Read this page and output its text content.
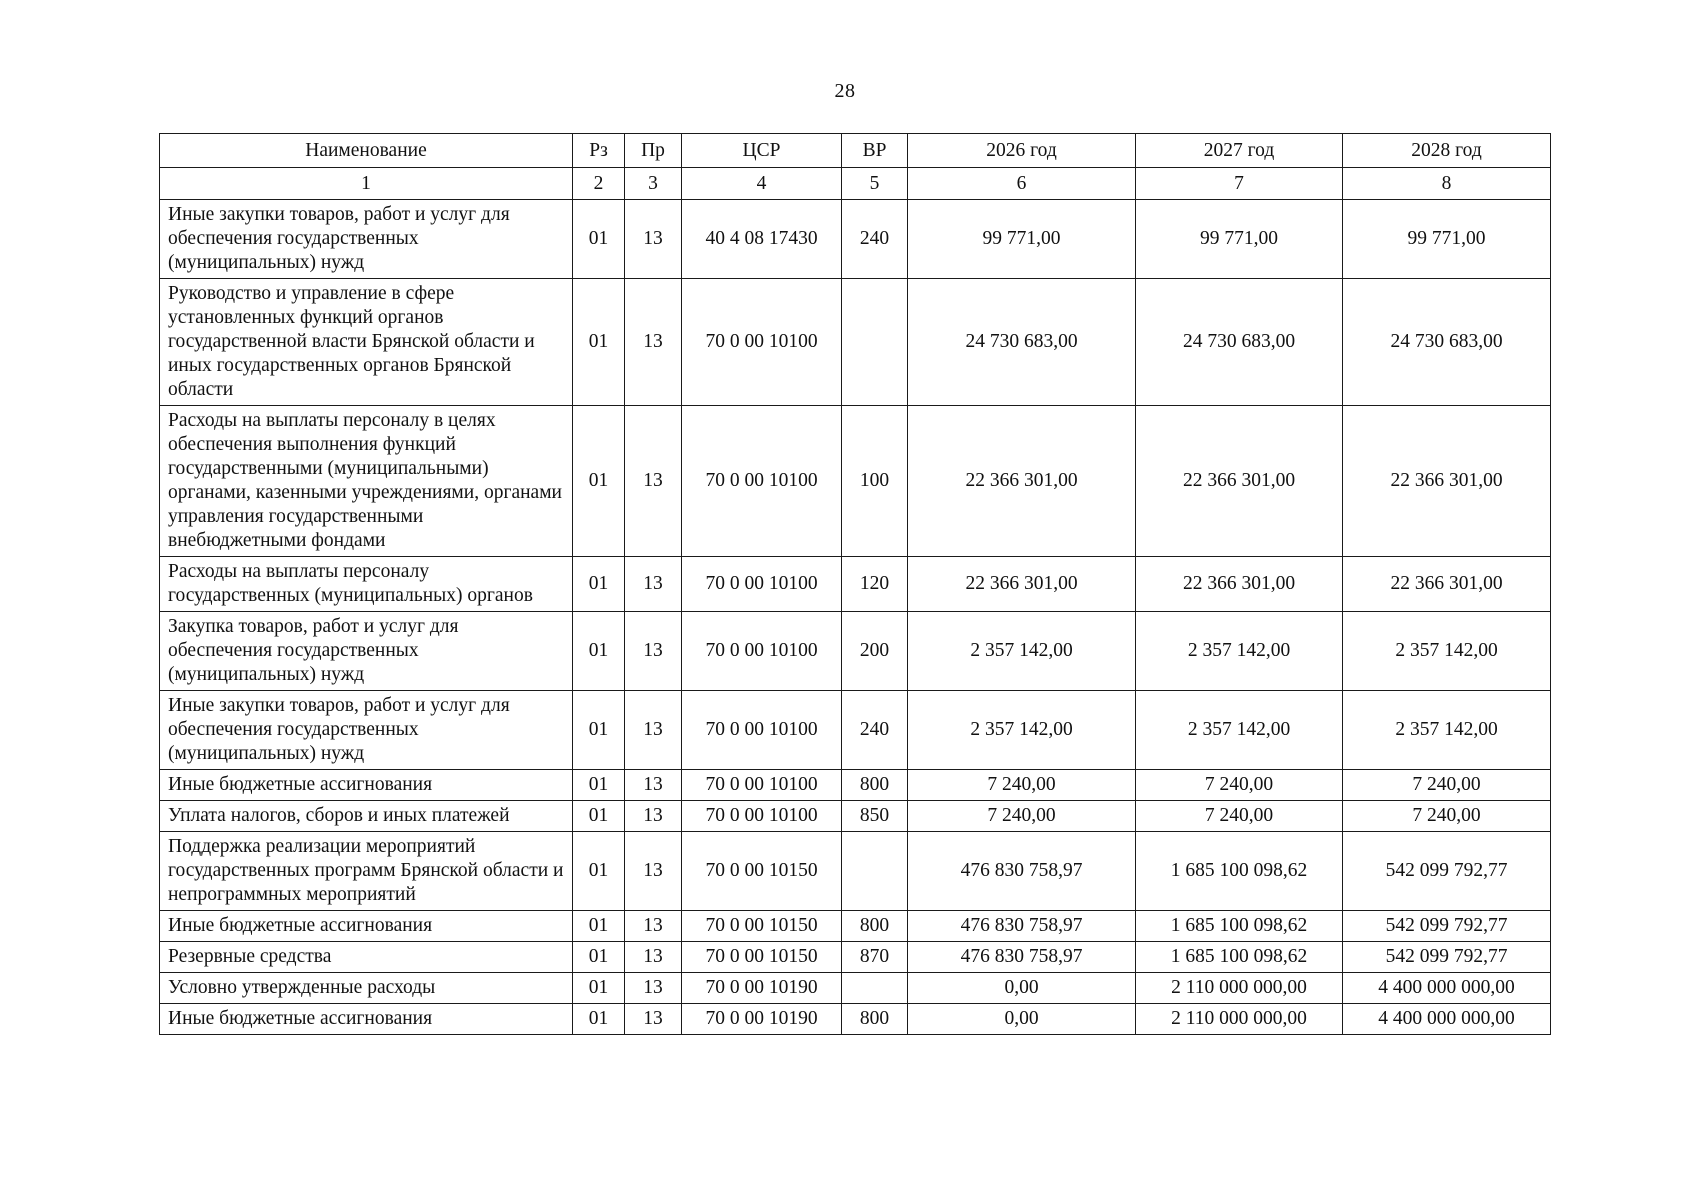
28
Наименование	Рз	Пр	ЦСР	ВР	2026 год	2027 год	2028 год
1	2	3	4	5	6	7	8
Иные закупки товаров, работ и услуг для обеспечения государственных (муниципальных) нужд	01	13	40 4 08 17430	240	99 771,00	99 771,00	99 771,00
Руководство и управление в сфере установленных функций органов государственной власти Брянской области и иных государственных органов Брянской области	01	13	70 0 00 10100		24 730 683,00	24 730 683,00	24 730 683,00
Расходы на выплаты персоналу в целях обеспечения выполнения функций государственными (муниципальными) органами, казенными учреждениями, органами управления государственными внебюджетными фондами	01	13	70 0 00 10100	100	22 366 301,00	22 366 301,00	22 366 301,00
Расходы на выплаты персоналу государственных (муниципальных) органов	01	13	70 0 00 10100	120	22 366 301,00	22 366 301,00	22 366 301,00
Закупка товаров, работ и услуг для обеспечения государственных (муниципальных) нужд	01	13	70 0 00 10100	200	2 357 142,00	2 357 142,00	2 357 142,00
Иные закупки товаров, работ и услуг для обеспечения государственных (муниципальных) нужд	01	13	70 0 00 10100	240	2 357 142,00	2 357 142,00	2 357 142,00
Иные бюджетные ассигнования	01	13	70 0 00 10100	800	7 240,00	7 240,00	7 240,00
Уплата налогов, сборов и иных платежей	01	13	70 0 00 10100	850	7 240,00	7 240,00	7 240,00
Поддержка реализации мероприятий государственных программ Брянской области и непрограммных мероприятий	01	13	70 0 00 10150		476 830 758,97	1 685 100 098,62	542 099 792,77
Иные бюджетные ассигнования	01	13	70 0 00 10150	800	476 830 758,97	1 685 100 098,62	542 099 792,77
Резервные средства	01	13	70 0 00 10150	870	476 830 758,97	1 685 100 098,62	542 099 792,77
Условно утвержденные расходы	01	13	70 0 00 10190		0,00	2 110 000 000,00	4 400 000 000,00
Иные бюджетные ассигнования	01	13	70 0 00 10190	800	0,00	2 110 000 000,00	4 400 000 000,00
